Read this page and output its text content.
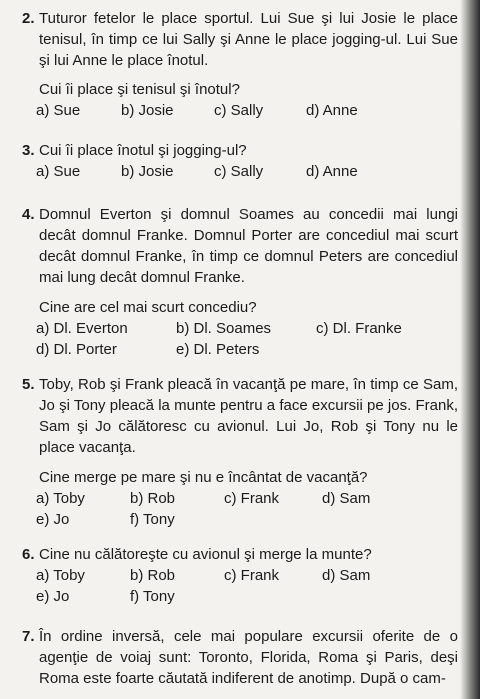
2. Tuturor fetelor le place sportul. Lui Sue şi lui Josie le place tenisul, în timp ce lui Sally şi Anne le place jogging-ul. Lui Sue şi lui Anne le place înotul.
Cui îi place şi tenisul şi înotul?
a) Sue	b) Josie	c) Sally	d) Anne
3. Cui îi place înotul şi jogging-ul?
a) Sue	b) Josie	c) Sally	d) Anne
4. Domnul Everton şi domnul Soames au concedii mai lungi decât domnul Franke. Domnul Porter are concediul mai scurt decât domnul Franke, în timp ce domnul Peters are concediul mai lung decât domnul Franke.
Cine are cel mai scurt concediu?
a) Dl. Everton	b) Dl. Soames	c) Dl. Franke
d) Dl. Porter	e) Dl. Peters
5. Toby, Rob şi Frank pleacă în vacanţă pe mare, în timp ce Sam, Jo şi Tony pleacă la munte pentru a face excursii pe jos. Frank, Sam şi Jo călătoresc cu avionul. Lui Jo, Rob şi Tony nu le place vacanţa.
Cine merge pe mare şi nu e încântat de vacanţă?
a) Toby	b) Rob	c) Frank	d) Sam
e) Jo	f) Tony
6. Cine nu călătoreşte cu avionul şi merge la munte?
a) Toby	b) Rob	c) Frank	d) Sam
e) Jo	f) Tony
7. În ordine inversă, cele mai populare excursii oferite de o agenţie de voiaj sunt: Toronto, Florida, Roma şi Paris, deşi Roma este foarte căutată indiferent de anotimp. După o cam-
